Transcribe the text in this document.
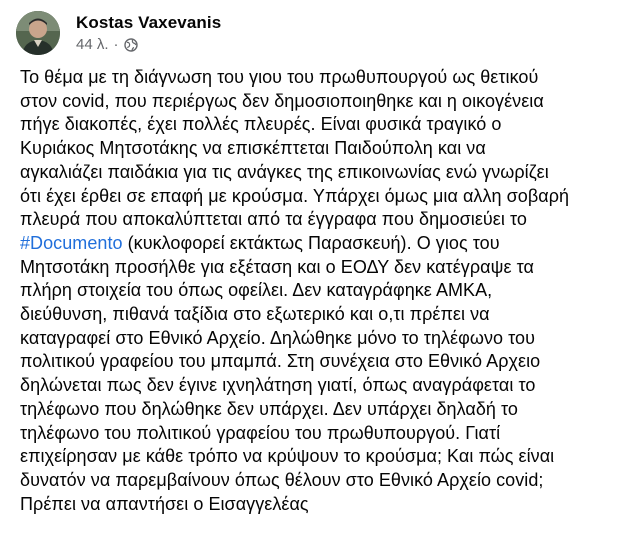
Kostas Vaxevanis
44 λ. ·
Το θέμα με τη διάγνωση του γιου του πρωθυπουργού ως θετικού
στον covid, που περιέργως δεν δημοσιοποιηθηκε και η οικογένεια
πήγε διακοπές, έχει πολλές πλευρές. Είναι φυσικά τραγικό ο
Κυριάκος Μητσοτάκης να επισκέπτεται Παιδούπολη και να
αγκαλιάζει παιδάκια για τις ανάγκες της επικοινωνίας ενώ γνωρίζει
ότι έχει έρθει σε επαφή με κρούσμα. Υπάρχει όμως μια αλλη σοβαρή
πλευρά που αποκαλύπτεται από τα έγγραφα που δημοσιεύει το
#Documento (κυκλοφορεί εκτάκτως Παρασκευή). Ο γιος του
Μητσοτάκη προσήλθε για εξέταση και ο ΕΟΔΥ δεν κατέγραψε τα
πλήρη στοιχεία του όπως οφείλει. Δεν καταγράφηκε ΑΜΚΑ,
διεύθυνση, πιθανά ταξίδια στο εξωτερικό και ο,τι πρέπει να
καταγραφεί στο Εθνικό Αρχείο. Δηλώθηκε μόνο το τηλέφωνο του
πολιτικού γραφείου του μπαμπά. Στη συνέχεια στο Εθνικό Αρχειο
δηλώνεται πως δεν έγινε ιχνηλάτηση γιατί, όπως αναγράφεται το
τηλέφωνο που δηλώθηκε δεν υπάρχει. Δεν υπάρχει δηλαδή το
τηλέφωνο του πολιτικού γραφείου του πρωθυπουργού. Γιατί
επιχείρησαν με κάθε τρόπο να κρύψουν το κρούσμα; Και πώς είναι
δυνατόν να παρεμβαίνουν όπως θέλουν στο Εθνικό Αρχείο covid;
Πρέπει να απαντήσει ο Εισαγγελέας
